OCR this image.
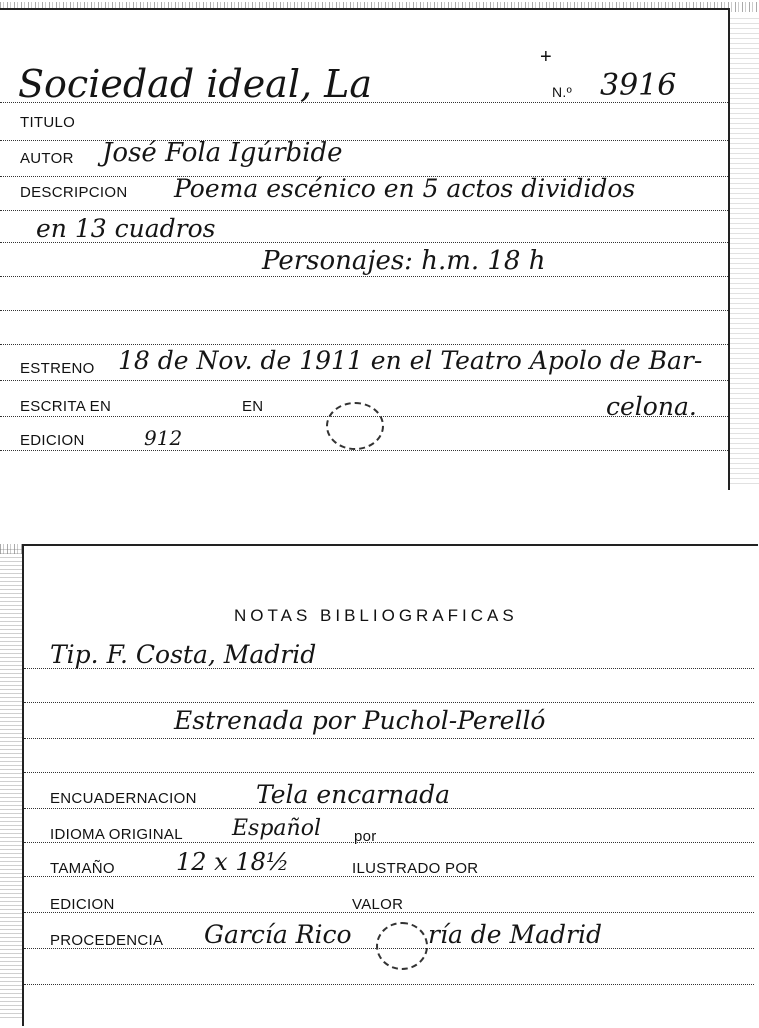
+
Sociedad ideal, La	N.º 3916
TITULO
AUTOR José Fola Igúrbide
DESCRIPCION Poema escénico en 5 actos divididos
en 13 cuadros
Personajes: h.m. 18 h
ESTRENO 18 de Nov. de 1911 en el Teatro Apolo de Bar-
ESCRITA EN	EN	celona.
EDICION	912
NOTAS BIBLIOGRAFICAS
Tip. F. Costa, Madrid
Estrenada por Puchol-Perelló
ENCUADERNACION Tela encarnada
IDIOMA ORIGINAL Español por
TAMAÑO	12 x 18½	ILUSTRADO POR
EDICION	VALOR
PROCEDENCIA García Rico	ría de Madrid
